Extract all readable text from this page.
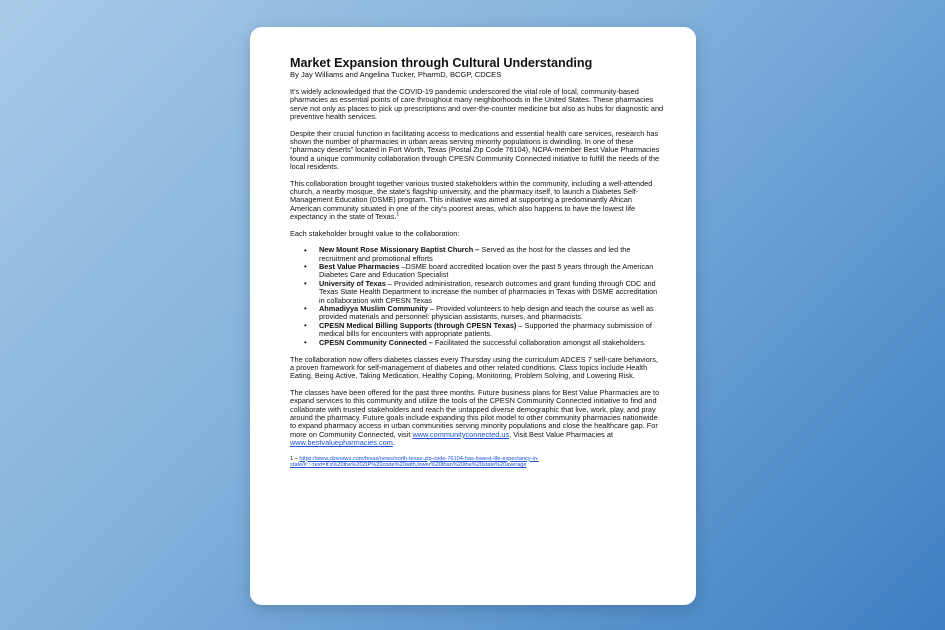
Market Expansion through Cultural Understanding
By Jay Williams and Angelina Tucker, PharmD, BCGP, CDCES

It's widely acknowledged that the COVID-19 pandemic underscored the vital role of local, community-based pharmacies as essential points of care throughout many neighborhoods in the United States. These pharmacies serve not only as places to pick up prescriptions and over-the-counter medicine but also as hubs for diagnostic and preventive health services.

Despite their crucial function in facilitating access to medications and essential health care services, research has shown the number of pharmacies in urban areas serving minority populations is dwindling. In one of these “pharmacy deserts” located in Fort Worth, Texas (Postal Zip Code 76104), NCPA-member Best Value Pharmacies found a unique community collaboration through CPESN Community Connected initiative to fulfill the needs of the local residents.

This collaboration brought together various trusted stakeholders within the community, including a well-attended church, a nearby mosque, the state's flagship university, and the pharmacy itself, to launch a Diabetes Self-Management Education (DSME) program. This initiative was aimed at supporting a predominantly African American community situated in one of the city's poorest areas, which also happens to have the lowest life expectancy in the state of Texas.$^1$

Each stakeholder brought value to the collaboration:

• New Mount Rose Missionary Baptist Church – Served as the host for the classes and led the recruitment and promotional efforts
• Best Value Pharmacies –DSME board accredited location over the past 5 years through the American Diabetes Care and Education Specialist
• University of Texas – Provided administration, research outcomes and grant funding through CDC and Texas State Health Department to increase the number of pharmacies in Texas with DSME accreditation in collaboration with CPESN Texas
• Ahmadiyya Muslim Community – Provided volunteers to help design and teach the course as well as provided materials and personnel: physician assistants, nurses, and pharmacists.
• CPESN Medical Billing Supports (through CPESN Texas) – Supported the pharmacy submission of medical bills for encounters with appropriate patients.
• CPESN Community Connected – Facilitated the successful collaboration amongst all stakeholders.

The collaboration now offers diabetes classes every Thursday using the curriculum ADCES 7 self-care behaviors, a proven framework for self-management of diabetes and other related conditions. Class topics include Health Eating, Being Active, Taking Medication, Healthy Coping, Monitoring, Problem Solving, and Lowering Risk.

The classes have been offered for the past three months. Future business plans for Best Value Pharmacies are to expand services to this community and utilize the tools of the CPESN Community Connected initiative to find and collaborate with trusted stakeholders and reach the untapped diverse demographic that live, work, play, and pray around the pharmacy. Future goals include expanding this pilot model to other community pharmacies nationwide to expand pharmacy access in urban communities serving minority populations and close the healthcare gap. For more on Community Connected, visit www.communityconnected.us. Visit Best Value Pharmacies at www.bestvaluepharmacies.com.

1 – https://www.cbsnews.com/texas/news/north-texas-zip-code-76104-has-lowest-life-expectancy-in-state/#:~:text=It's%20the%20ZIP%20code%20with,lower%20than%20the%20state%20average
